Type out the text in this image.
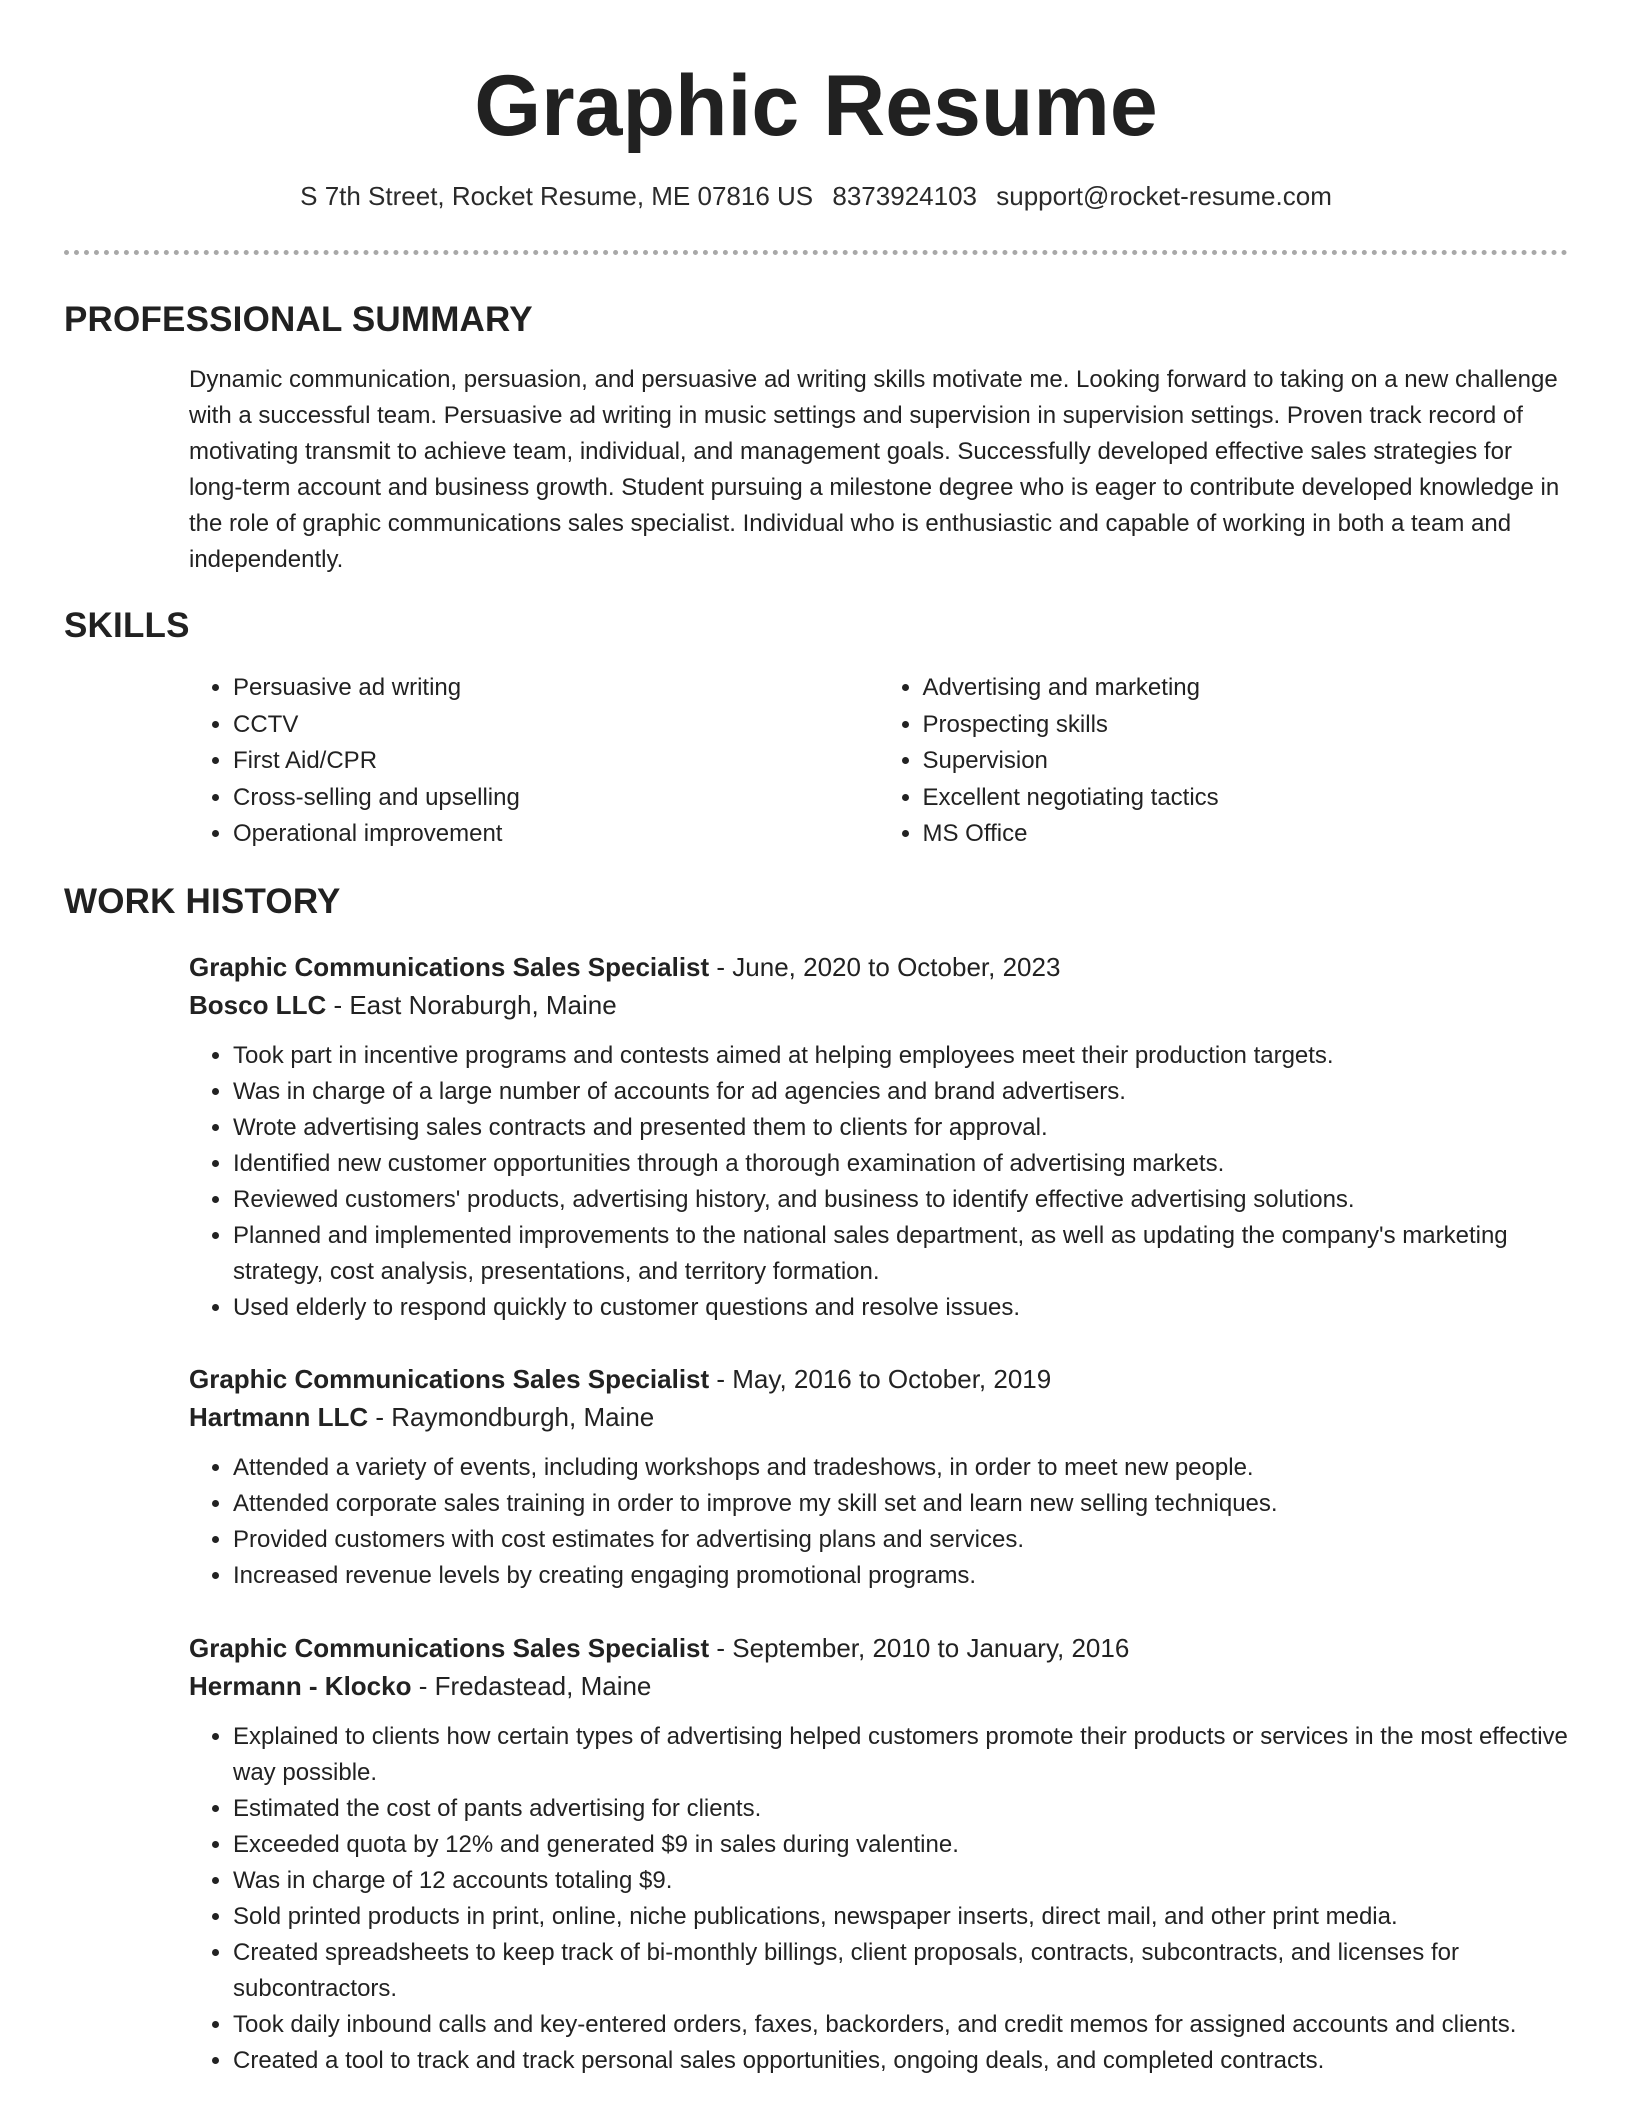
Graphic Resume
S 7th Street, Rocket Resume, ME 07816 US 8373924103 support@rocket-resume.com
PROFESSIONAL SUMMARY

Dynamic communication, persuasion, and persuasive ad writing skills motivate me. Looking forward to taking on a new challenge with a successful team. Persuasive ad writing in music settings and supervision in supervision settings. Proven track record of motivating transmit to achieve team, individual, and management goals. Successfully developed effective sales strategies for long-term account and business growth. Student pursuing a milestone degree who is eager to contribute developed knowledge in the role of graphic communications sales specialist. Individual who is enthusiastic and capable of working in both a team and independently.

SKILLS
• Persuasive ad writing
• CCTV
• First Aid/CPR
• Cross-selling and upselling
• Operational improvement
• Advertising and marketing
• Prospecting skills
• Supervision
• Excellent negotiating tactics
• MS Office
WORK HISTORY
Graphic Communications Sales Specialist - June, 2020 to October, 2023
Bosco LLC - East Noraburgh, Maine
• Took part in incentive programs and contests aimed at helping employees meet their production targets.
• Was in charge of a large number of accounts for ad agencies and brand advertisers.
• Wrote advertising sales contracts and presented them to clients for approval.
• Identified new customer opportunities through a thorough examination of advertising markets.
• Reviewed customers' products, advertising history, and business to identify effective advertising solutions.
• Planned and implemented improvements to the national sales department, as well as updating the company's marketing strategy, cost analysis, presentations, and territory formation.
• Used elderly to respond quickly to customer questions and resolve issues.
Graphic Communications Sales Specialist - May, 2016 to October, 2019
Hartmann LLC - Raymondburgh, Maine
• Attended a variety of events, including workshops and tradeshows, in order to meet new people.
• Attended corporate sales training in order to improve my skill set and learn new selling techniques.
• Provided customers with cost estimates for advertising plans and services.
• Increased revenue levels by creating engaging promotional programs.
Graphic Communications Sales Specialist - September, 2010 to January, 2016
Hermann - Klocko - Fredastead, Maine
• Explained to clients how certain types of advertising helped customers promote their products or services in the most effective way possible.
• Estimated the cost of pants advertising for clients.
• Exceeded quota by 12% and generated $9 in sales during valentine.
• Was in charge of 12 accounts totaling $9.
• Sold printed products in print, online, niche publications, newspaper inserts, direct mail, and other print media.
• Created spreadsheets to keep track of bi-monthly billings, client proposals, contracts, subcontracts, and licenses for subcontractors.
• Took daily inbound calls and key-entered orders, faxes, backorders, and credit memos for assigned accounts and clients.
• Created a tool to track and track personal sales opportunities, ongoing deals, and completed contracts.
